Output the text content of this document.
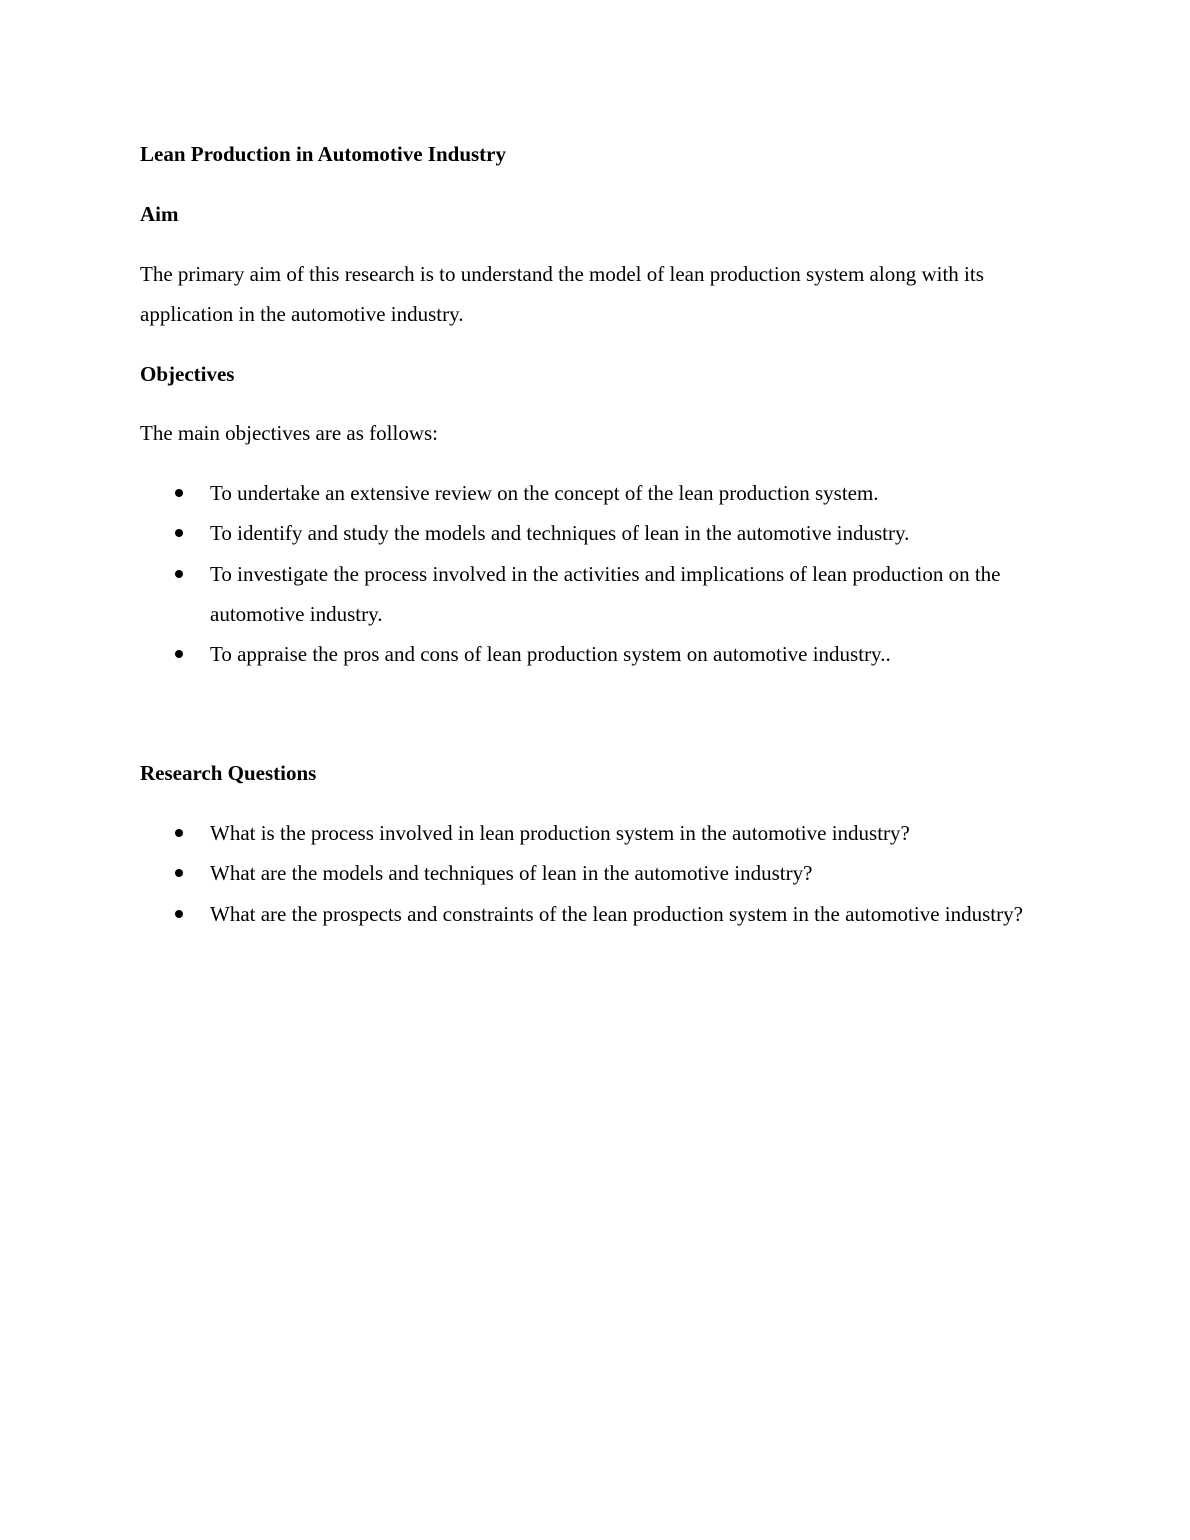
Lean Production in Automotive Industry

Aim

The primary aim of this research is to understand the model of lean production system along with its application in the automotive industry.

Objectives

The main objectives are as follows:

To undertake an extensive review on the concept of the lean production system.
To identify and study the models and techniques of lean in the automotive industry.
To investigate the process involved in the activities and implications of lean production on the automotive industry.
To appraise the pros and cons of lean production system on automotive industry..

Research Questions

What is the process involved in lean production system in the automotive industry?
What are the models and techniques of lean in the automotive industry?
What are the prospects and constraints of the lean production system in the automotive industry?
